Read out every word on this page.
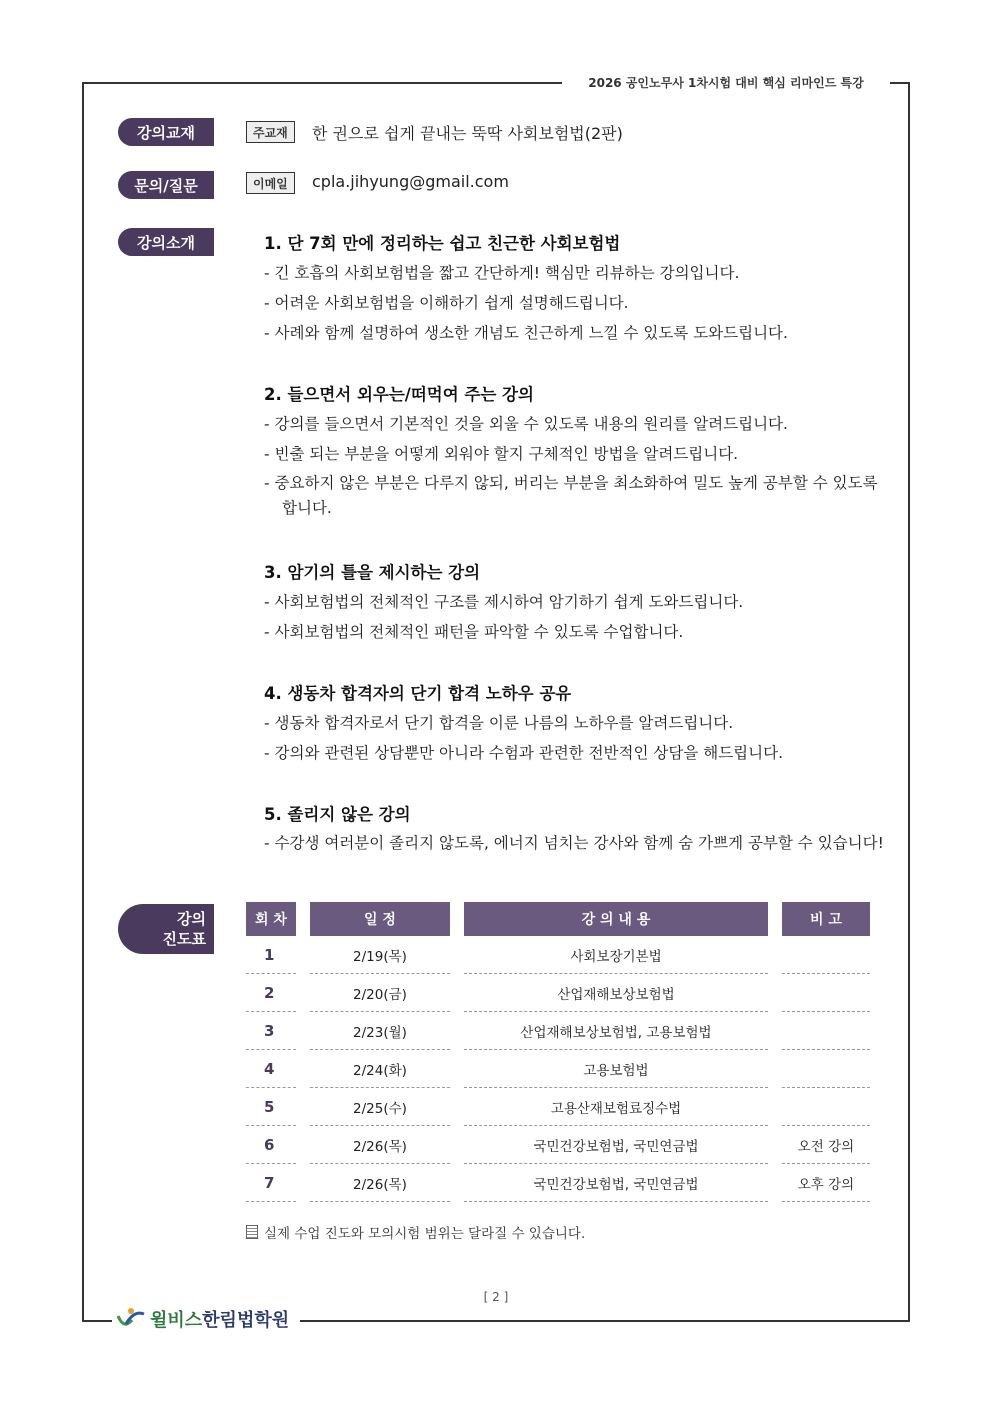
2026 공인노무사 1차시험 대비 핵심 리마인드 특강
강의교재	주교재	한 권으로 쉽게 끝내는 뚝딱 사회보험법(2판)
문의/질문	이메일	cpla.jihyung@gmail.com
강의소개	1. 단 7회 만에 정리하는 쉽고 친근한 사회보험법

- 긴 호흡의 사회보험법을 짧고 간단하게! 핵심만 리뷰하는 강의입니다.

- 어려운 사회보험법을 이해하기 쉽게 설명해드립니다.

- 사례와 함께 설명하여 생소한 개념도 친근하게 느낄 수 있도록 도와드립니다.

2. 들으면서 외우는/떠먹여 주는 강의

- 강의를 들으면서 기본적인 것을 외울 수 있도록 내용의 원리를 알려드립니다.

- 빈출 되는 부분을 어떻게 외워야 할지 구체적인 방법을 알려드립니다.

- 중요하지 않은 부분은 다루지 않되, 버리는 부분을 최소화하여 밀도 높게 공부할 수 있도록 합니다.

3. 암기의 틀을 제시하는 강의

- 사회보험법의 전체적인 구조를 제시하여 암기하기 쉽게 도와드립니다.

- 사회보험법의 전체적인 패턴을 파악할 수 있도록 수업합니다.

4. 생동차 합격자의 단기 합격 노하우 공유

- 생동차 합격자로서 단기 합격을 이룬 나름의 노하우를 알려드립니다.

- 강의와 관련된 상담뿐만 아니라 수험과 관련한 전반적인 상담을 해드립니다.

5. 졸리지 않은 강의

- 수강생 여러분이 졸리지 않도록, 에너지 넘치는 강사와 함께 숨 가쁘게 공부할 수 있습니다!

강의
진도표
회 차	일 정	강 의 내 용	비 고
1	2/19(목)	사회보장기본법
2	2/20(금)	산업재해보상보험법
3	2/23(월)	산업재해보상보험법, 고용보험법
4	2/24(화)	고용보험법
5	2/25(수)	고용산재보험료징수법
6	2/26(목)	국민건강보험법, 국민연금법	오전 강의
7	2/26(목)	국민건강보험법, 국민연금법	오후 강의
실제 수업 진도와 모의시험 범위는 달라질 수 있습니다.
[ 2 ]
윌비스한림법학원
